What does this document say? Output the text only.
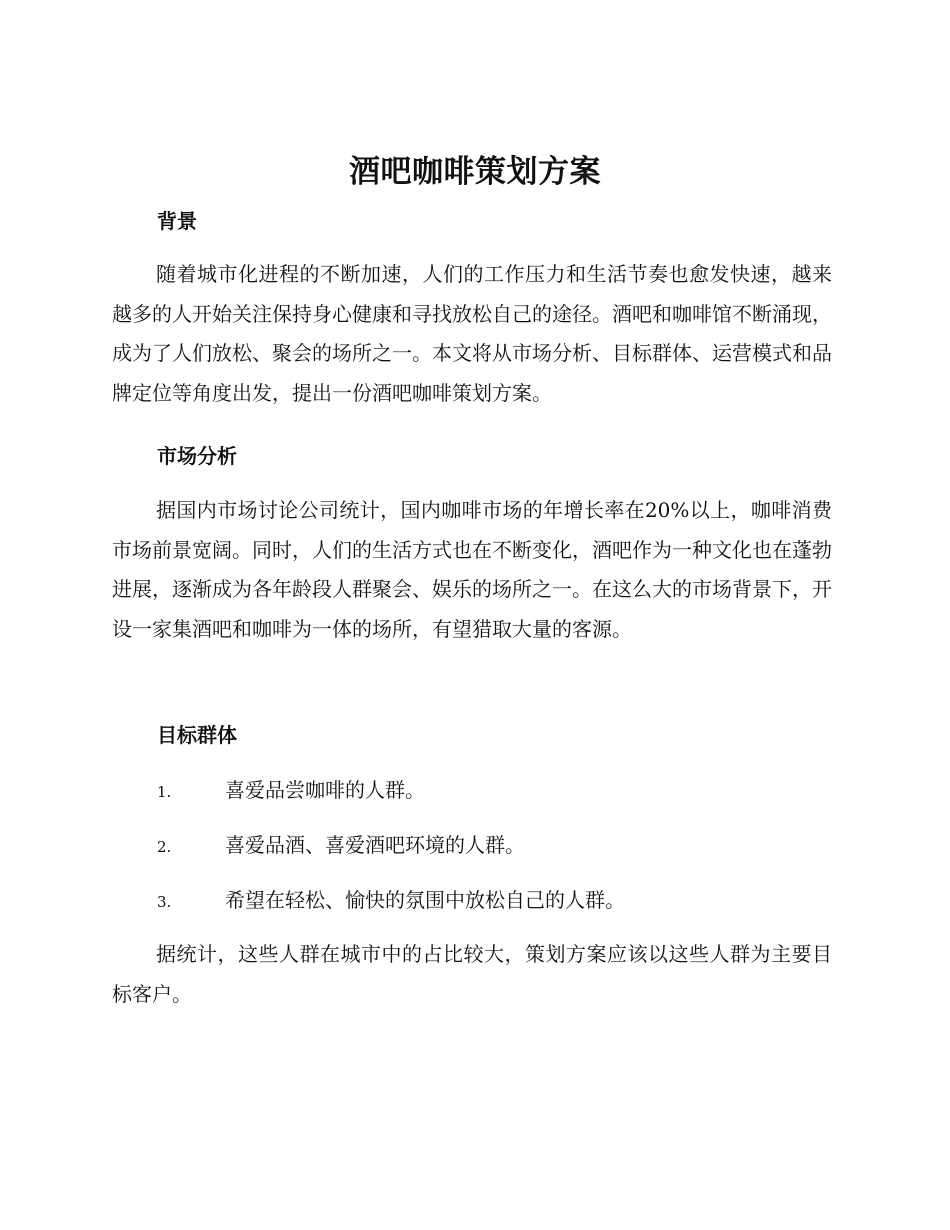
酒吧咖啡策划方案
背景
随着城市化进程的不断加速，人们的工作压力和生活节奏也愈发快速，越来越多的人开始关注保持身心健康和寻找放松自己的途径。酒吧和咖啡馆不断涌现，成为了人们放松、聚会的场所之一。本文将从市场分析、目标群体、运营模式和品牌定位等角度出发，提出一份酒吧咖啡策划方案。
市场分析
据国内市场讨论公司统计，国内咖啡市场的年增长率在20%以上，咖啡消费市场前景宽阔。同时，人们的生活方式也在不断变化，酒吧作为一种文化也在蓬勃进展，逐渐成为各年龄段人群聚会、娱乐的场所之一。在这么大的市场背景下，开设一家集酒吧和咖啡为一体的场所，有望猎取大量的客源。
目标群体
1.	喜爱品尝咖啡的人群。
2.	喜爱品酒、喜爱酒吧环境的人群。
3.	希望在轻松、愉快的氛围中放松自己的人群。
据统计，这些人群在城市中的占比较大，策划方案应该以这些人群为主要目标客户。
